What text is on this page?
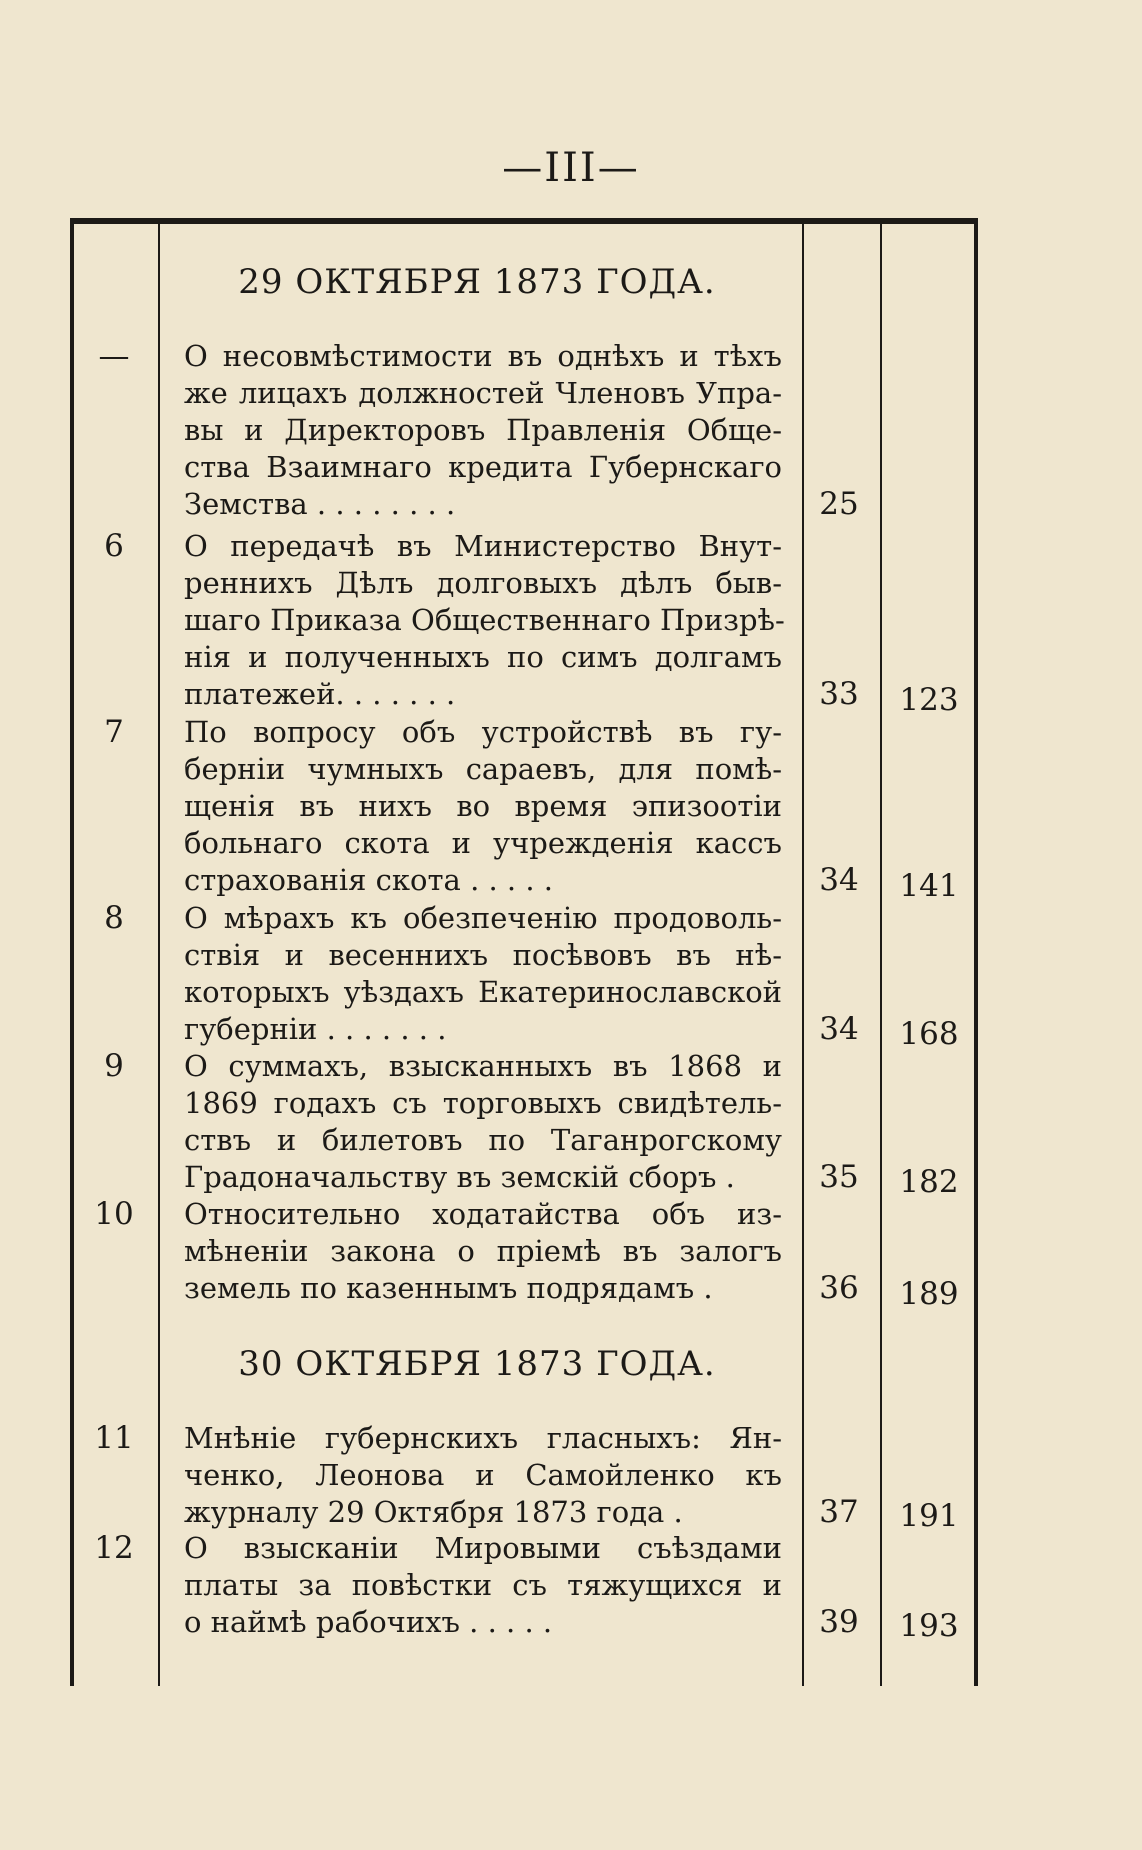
—III—
29 ОКТЯБРЯ 1873 ГОДА.
—	О несовмѣстимости въ однѣхъ и тѣхъ
же лицахъ должностей Членовъ Упра-
вы и Директоровъ Правленія Обще-
ства Взаимнаго кредита Губернскаго
Земства . . . . . . . .	25
6	О передачѣ въ Министерство Внут-
реннихъ Дѣлъ долговыхъ дѣлъ быв-
шаго Приказа Общественнаго Призрѣ-
нія и полученныхъ по симъ долгамъ
платежей. . . . . . .	33	123
7	По вопросу объ устройствѣ въ гу-
берніи чумныхъ сараевъ, для помѣ-
щенія въ нихъ во время эпизоотіи
больнаго скота и учрежденія кассъ
страхованія скота . . . . .	34	141
8	О мѣрахъ къ обезпеченію продоволь-
ствія и весеннихъ посѣвовъ въ нѣ-
которыхъ уѣздахъ Екатеринославской
губерніи . . . . . . .	34	168
9	О суммахъ, взысканныхъ въ 1868 и
1869 годахъ съ торговыхъ свидѣтель-
ствъ и билетовъ по Таганрогскому
Градоначальству въ земскій сборъ .	35	182
10	Относительно ходатайства объ из-
мѣненіи закона о пріемѣ въ залогъ
земель по казеннымъ подрядамъ .	36	189
30 ОКТЯБРЯ 1873 ГОДА.
11	Мнѣніе губернскихъ гласныхъ: Ян-
ченко, Леонова и Самойленко къ
журналу 29 Октября 1873 года .	37	191
12	О взысканіи Мировыми съѣздами
платы за повѣстки съ тяжущихся и
о наймѣ рабочихъ . . . . .	39	193
